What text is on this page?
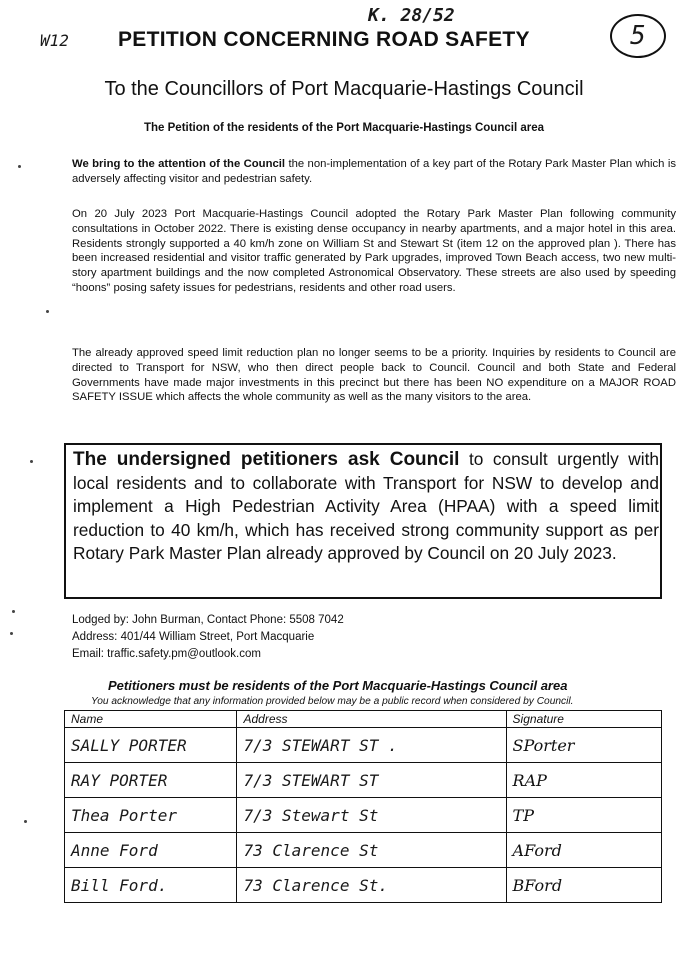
W12
K. 28/52
5
PETITION CONCERNING ROAD SAFETY
To the Councillors of Port Macquarie-Hastings Council
The Petition of the residents of the Port Macquarie-Hastings Council area
We bring to the attention of the Council the non-implementation of a key part of the Rotary Park Master Plan which is adversely affecting visitor and pedestrian safety.
On 20 July 2023 Port Macquarie-Hastings Council adopted the Rotary Park Master Plan following community consultations in October 2022. There is existing dense occupancy in nearby apartments, and a major hotel in this area. Residents strongly supported a 40 km/h zone on William St and Stewart St (item 12 on the approved plan ). There has been increased residential and visitor traffic generated by Park upgrades, improved Town Beach access, two new multi-story apartment buildings and the now completed Astronomical Observatory. These streets are also used by speeding “hoons” posing safety issues for pedestrians, residents and other road users.
The already approved speed limit reduction plan no longer seems to be a priority. Inquiries by residents to Council are directed to Transport for NSW, who then direct people back to Council. Council and both State and Federal Governments have made major investments in this precinct but there has been NO expenditure on a MAJOR ROAD SAFETY ISSUE which affects the whole community as well as the many visitors to the area.
The undersigned petitioners ask Council to consult urgently with local residents and to collaborate with Transport for NSW to develop and implement a High Pedestrian Activity Area (HPAA) with a speed limit reduction to 40 km/h, which has received strong community support as per Rotary Park Master Plan already approved by Council on 20 July 2023.
Lodged by: John Burman, Contact Phone: 5508 7042
Address: 401/44 William Street, Port Macquarie
Email: traffic.safety.pm@outlook.com
Petitioners must be residents of the Port Macquarie-Hastings Council area
You acknowledge that any information provided below may be a public record when considered by Council.
Name	Address	Signature
SALLY PORTER	7/3 STEWART ST .	SPorter
RAY PORTER	7/3 STEWART ST	RAP
Thea Porter	7/3 Stewart St	TP
Anne Ford	73 Clarence St	AFord
Bill Ford.	73 Clarence St.	BFord
